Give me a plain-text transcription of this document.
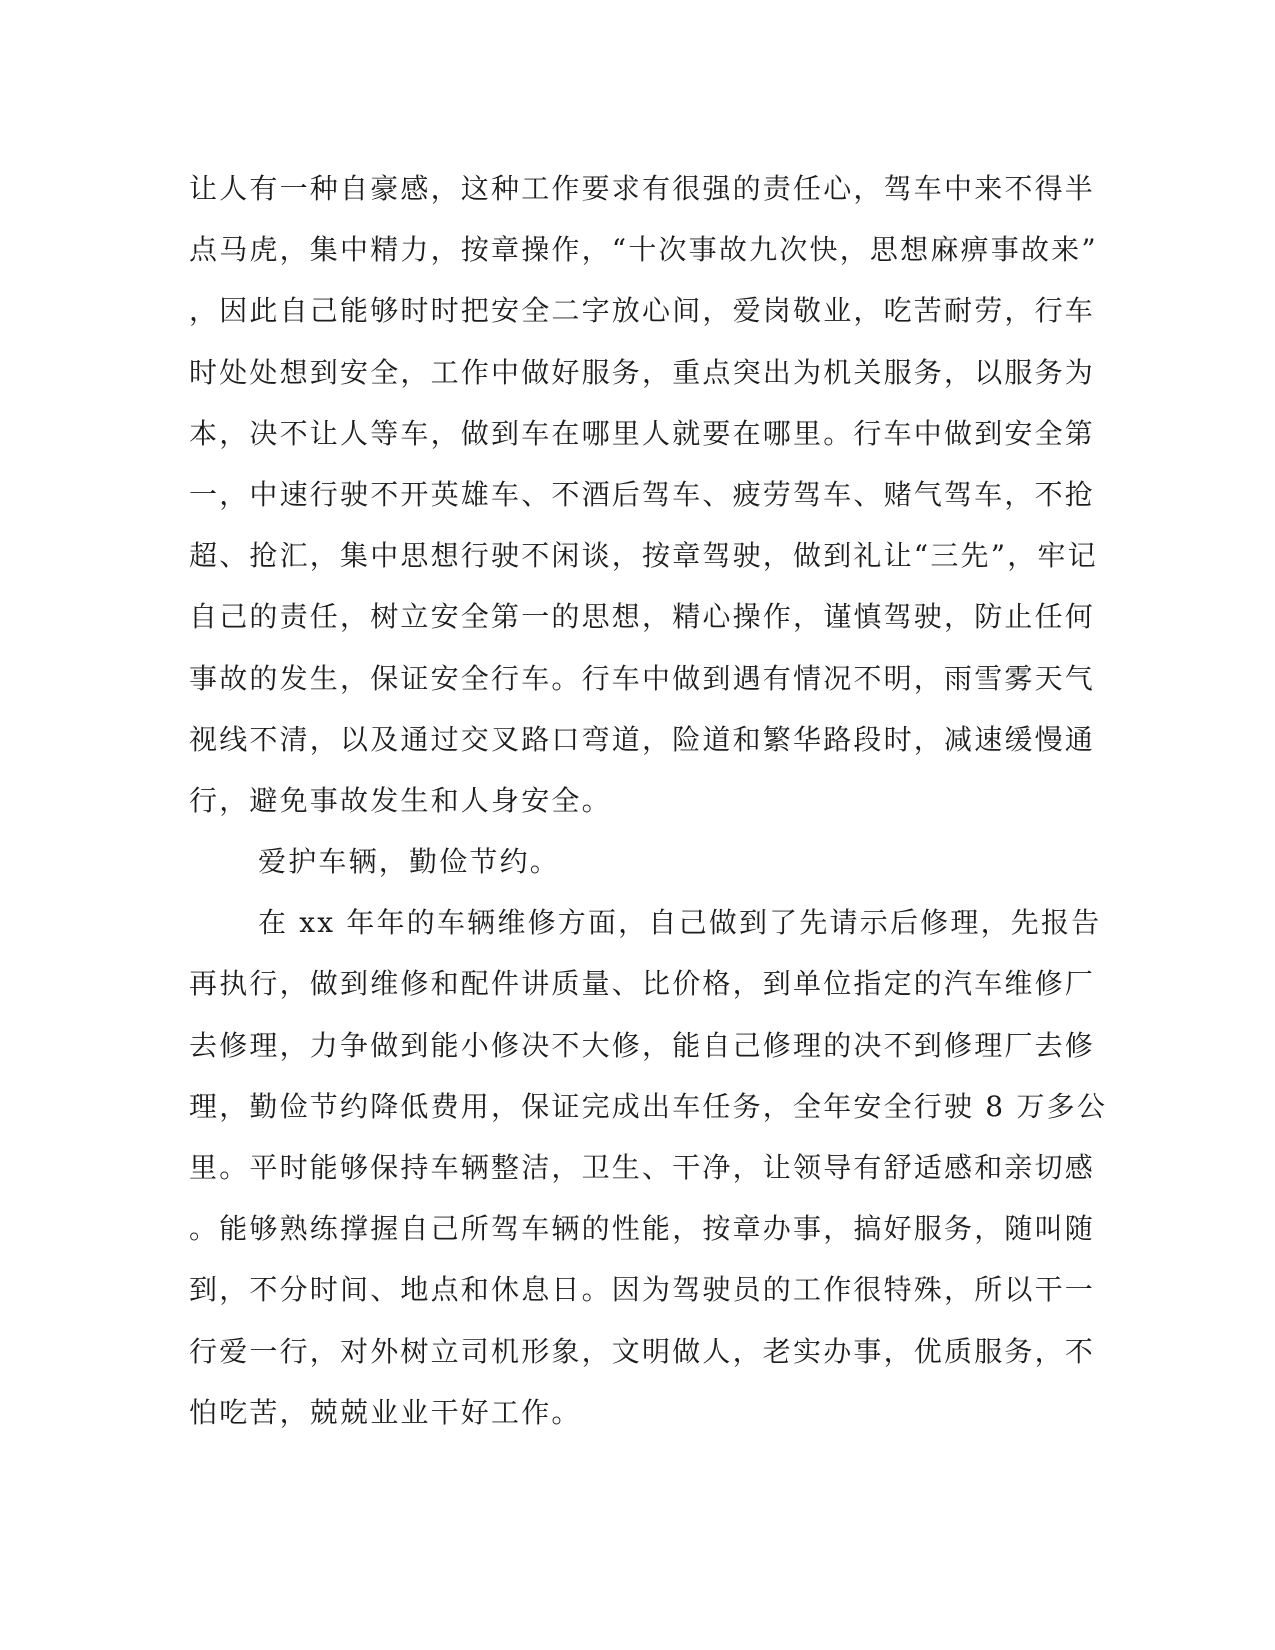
让人有一种自豪感，这种工作要求有很强的责任心，驾车中来不得半
点马虎，集中精力，按章操作，“十次事故九次快，思想麻痹事故来”
，因此自己能够时时把安全二字放心间，爱岗敬业，吃苦耐劳，行车
时处处想到安全，工作中做好服务，重点突出为机关服务，以服务为
本，决不让人等车，做到车在哪里人就要在哪里。行车中做到安全第
一，中速行驶不开英雄车、不酒后驾车、疲劳驾车、赌气驾车，不抢
超、抢汇，集中思想行驶不闲谈，按章驾驶，做到礼让“三先”，牢记
自己的责任，树立安全第一的思想，精心操作，谨慎驾驶，防止任何
事故的发生，保证安全行车。行车中做到遇有情况不明，雨雪雾天气
视线不清，以及通过交叉路口弯道，险道和繁华路段时，减速缓慢通
行，避免事故发生和人身安全。
爱护车辆，勤俭节约。
在 xx 年年的车辆维修方面，自己做到了先请示后修理，先报告
再执行，做到维修和配件讲质量、比价格，到单位指定的汽车维修厂
去修理，力争做到能小修决不大修，能自己修理的决不到修理厂去修
理，勤俭节约降低费用，保证完成出车任务，全年安全行驶 8 万多公
里。平时能够保持车辆整洁，卫生、干净，让领导有舒适感和亲切感
。能够熟练撑握自己所驾车辆的性能，按章办事，搞好服务，随叫随
到，不分时间、地点和休息日。因为驾驶员的工作很特殊，所以干一
行爱一行，对外树立司机形象，文明做人，老实办事，优质服务，不
怕吃苦，兢兢业业干好工作。
